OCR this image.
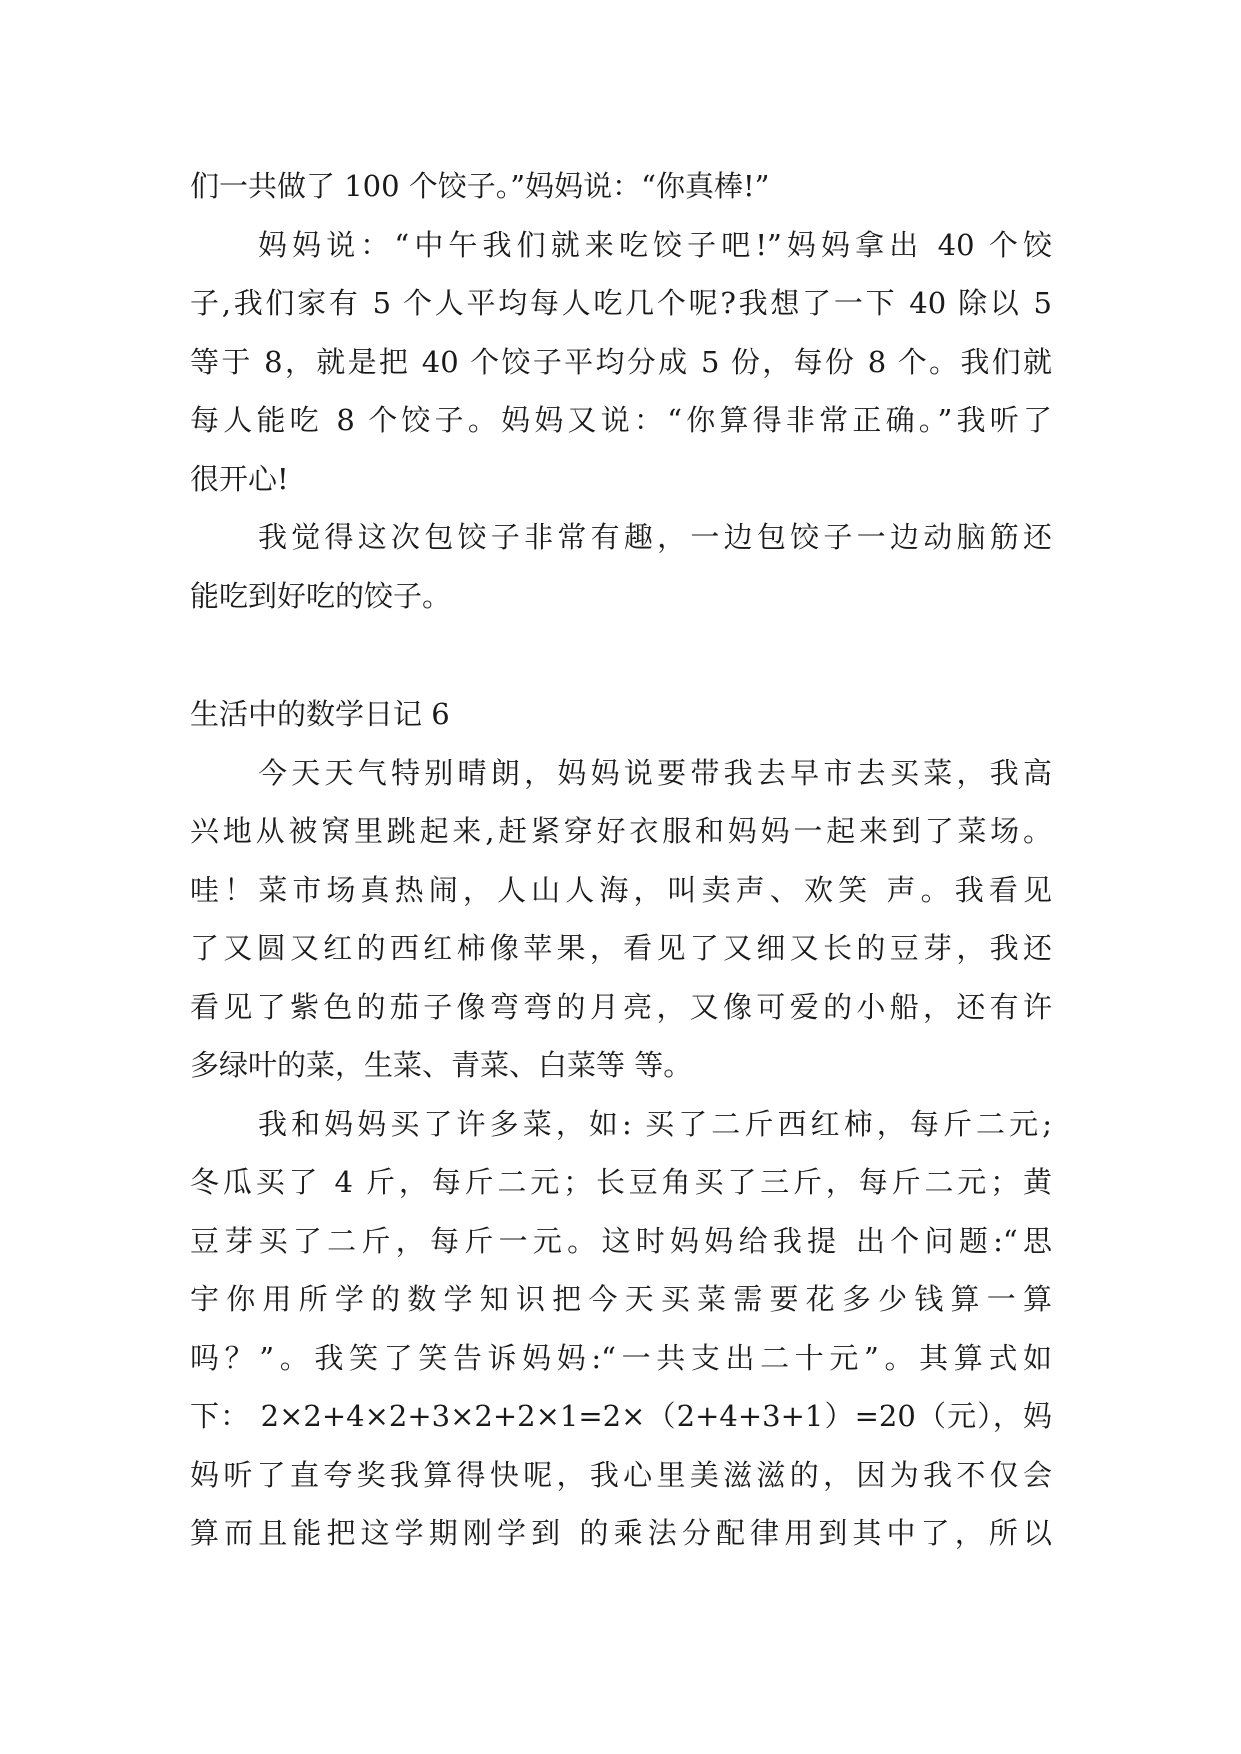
们一共做了 100 个饺子。”妈妈说：“你真棒!”
妈妈说：“中午我们就来吃饺子吧!”妈妈拿出 40 个饺
子,我们家有 5 个人平均每人吃几个呢?我想了一下 40 除以 5
等于 8，就是把 40 个饺子平均分成 5 份，每份 8 个。我们就
每人能吃 8 个饺子。妈妈又说：“你算得非常正确。”我听了
很开心!
我觉得这次包饺子非常有趣，一边包饺子一边动脑筋还
能吃到好吃的饺子。
生活中的数学日记 6
今天天气特别晴朗，妈妈说要带我去早市去买菜，我高
兴地从被窝里跳起来,赶紧穿好衣服和妈妈一起来到了菜场。
哇！菜市场真热闹，人山人海，叫卖声、欢笑 声。我看见
了又圆又红的西红柿像苹果，看见了又细又长的豆芽，我还
看见了紫色的茄子像弯弯的月亮，又像可爱的小船，还有许
多绿叶的菜，生菜、青菜、白菜等 等。
我和妈妈买了许多菜，如: 买了二斤西红柿，每斤二元;
冬瓜买了 4 斤，每斤二元；长豆角买了三斤，每斤二元；黄
豆芽买了二斤，每斤一元。这时妈妈给我提 出个问题:“思
宇你用所学的数学知识把今天买菜需要花多少钱算一算
吗？”。我笑了笑告诉妈妈:“一共支出二十元”。其算式如
下： 2×2+4×2+3×2+2×1=2×（2+4+3+1）=20（元），妈
妈听了直夸奖我算得快呢，我心里美滋滋的，因为我不仅会
算而且能把这学期刚学到 的乘法分配律用到其中了，所以
